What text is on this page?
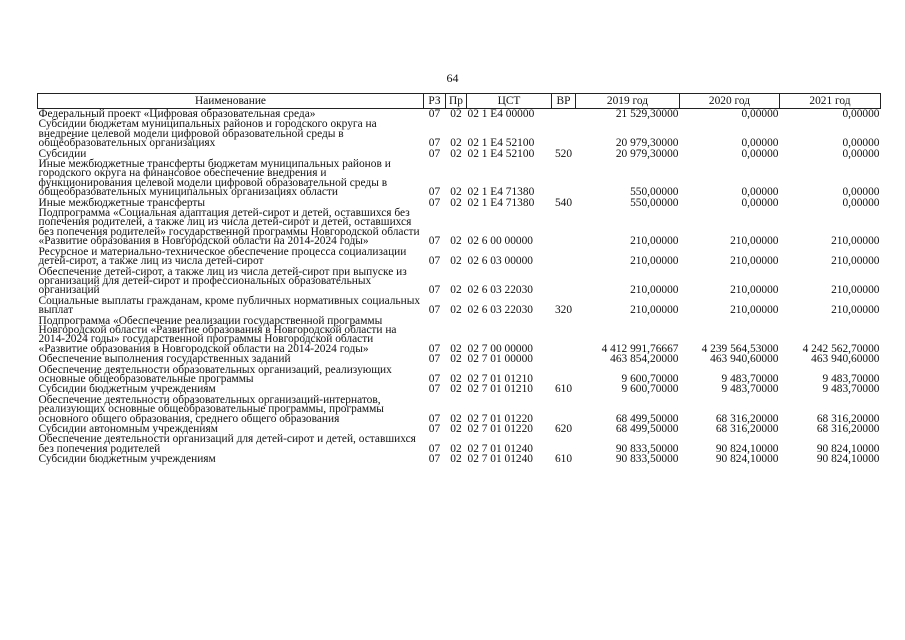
64
Наименование	РЗ	Пр	ЦСТ	ВР	2019 год	2020 год	2021 год
Федеральный проект «Цифровая образовательная среда»	07	02	02 1 E4 00000		21 529,30000	0,00000	0,00000
Субсидии бюджетам муниципальных районов и городского округа на внедрение целевой модели цифровой образовательной среды в общеобразовательных организациях	07	02	02 1 E4 52100		20 979,30000	0,00000	0,00000
Субсидии	07	02	02 1 E4 52100	520	20 979,30000	0,00000	0,00000
Иные межбюджетные трансферты бюджетам муниципальных районов и городского округа на финансовое обеспечение внедрения и функционирования целевой модели цифровой образовательной среды в общеобразовательных муниципальных организациях области	07	02	02 1 E4 71380		550,00000	0,00000	0,00000
Иные межбюджетные трансферты	07	02	02 1 E4 71380	540	550,00000	0,00000	0,00000
Подпрограмма «Социальная адаптация детей-сирот и детей, оставшихся без попечения родителей, а также лиц из числа детей-сирот и детей, оставшихся без попечения родителей» государственной программы Новгородской области «Развитие образования в Новгородской области на 2014-2024 годы»	07	02	02 6 00 00000		210,00000	210,00000	210,00000
Ресурсное и материально-техническое обеспечение процесса социализации детей-сирот, а также лиц из числа детей-сирот	07	02	02 6 03 00000		210,00000	210,00000	210,00000
Обеспечение детей-сирот, а также лиц из числа детей-сирот при выпуске из организаций для детей-сирот и профессиональных образовательных организаций	07	02	02 6 03 22030		210,00000	210,00000	210,00000
Социальные выплаты гражданам, кроме публичных нормативных социальных выплат	07	02	02 6 03 22030	320	210,00000	210,00000	210,00000
Подпрограмма «Обеспечение реализации государственной программы Новгородской области «Развитие образования в Новгородской области на 2014-2024 годы» государственной программы Новгородской области «Развитие образования в Новгородской области на 2014-2024 годы»	07	02	02 7 00 00000		4 412 991,76667	4 239 564,53000	4 242 562,70000
Обеспечение выполнения государственных заданий	07	02	02 7 01 00000		463 854,20000	463 940,60000	463 940,60000
Обеспечение деятельности образовательных организаций, реализующих основные общеобразовательные программы	07	02	02 7 01 01210		9 600,70000	9 483,70000	9 483,70000
Субсидии бюджетным учреждениям	07	02	02 7 01 01210	610	9 600,70000	9 483,70000	9 483,70000
Обеспечение деятельности образовательных организаций-интернатов, реализующих основные общеобразовательные программы, программы основного общего образования, среднего общего образования	07	02	02 7 01 01220		68 499,50000	68 316,20000	68 316,20000
Субсидии автономным учреждениям	07	02	02 7 01 01220	620	68 499,50000	68 316,20000	68 316,20000
Обеспечение деятельности организаций для детей-сирот и детей, оставшихся без попечения родителей	07	02	02 7 01 01240		90 833,50000	90 824,10000	90 824,10000
Субсидии бюджетным учреждениям	07	02	02 7 01 01240	610	90 833,50000	90 824,10000	90 824,10000
